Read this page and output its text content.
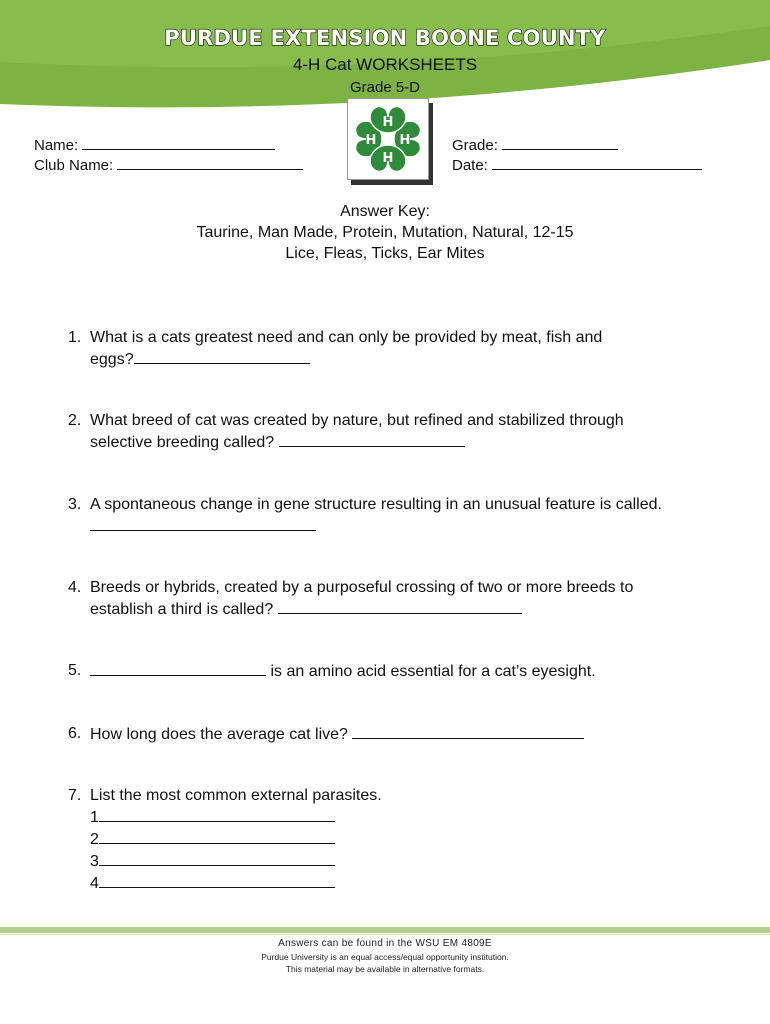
PURDUE EXTENSION BOONE COUNTY
4-H Cat WORKSHEETS
Grade 5-D
H
H H
H
Name:
Club Name:
Grade:
Date:
Answer Key:
Taurine, Man Made, Protein, Mutation, Natural, 12-15
Lice, Fleas, Ticks, Ear Mites
1. What is a cats greatest need and can only be provided by meat, fish and
eggs?
2. What breed of cat was created by nature, but refined and stabilized through
selective breeding called?
3. A spontaneous change in gene structure resulting in an unusual feature is called.
4. Breeds or hybrids, created by a purposeful crossing of two or more breeds to
establish a third is called?
5.	is an amino acid essential for a cat’s eyesight.
6. How long does the average cat live?
7. List the most common external parasites.
1
2
3
4
Answers can be found in the WSU EM 4809E
Purdue University is an equal access/equal opportunity institution.
This material may be available in alternative formats.
